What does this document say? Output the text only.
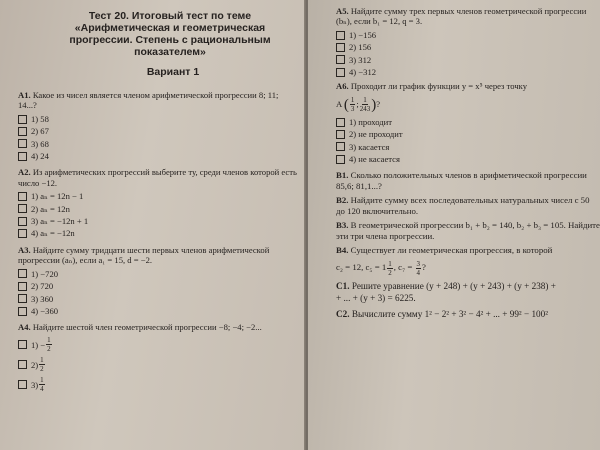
Тест 20. Итоговый тест по теме
«Арифметическая и геометрическая
прогрессии. Степень с рациональным
показателем»
Вариант 1
А1. Какое из чисел является членом арифметической прогрессии 8; 11; 14...?
1) 58
2) 67
3) 68
4) 24
А2. Из арифметических прогрессий выберите ту, среди членов которой есть число −12.
1) aₙ = 12n − 1
2) aₙ = 12n
3) aₙ = −12n + 1
4) aₙ = −12n
А3. Найдите сумму тридцати шести первых членов арифметической прогрессии (aₙ), если a₁ = 15, d = −2.
1) −720
2) 720
3) 360
4) −360
А4. Найдите шестой член геометрической прогрессии −8; −4; −2...
$1) - \frac{1}{2}$
$2) \frac{1}{2}$
$3) \frac{1}{4}$
А5. Найдите сумму трех первых членов геометрической прогрессии (bₙ), если b₁ = 12, q = 3.
1) −156
2) 156
3) 312
4) −312
А6. Проходит ли график функции y = x⁵ через точку
A ( $\frac{1}{3}$ ; $\frac{1}{243}$ )?
1) проходит
2) не проходит
3) касается
4) не касается
В1. Сколько положительных членов в арифметической прогрессии 85,6; 81,1...?
В2. Найдите сумму всех последовательных натуральных чисел с 50 до 120 включительно.
В3. В геометрической прогрессии b₁ + b₂ = 140, b₂ + b₃ = 105. Найдите эти три члена прогрессии.
В4. Существует ли геометрическая прогрессия, в которой
c₂ = 12, $c_5 = 1 \frac{1}{2}$ , $c_7 = \frac{3}{4}$ ?
С1. Решите уравнение (y + 248) + (y + 243) + (y + 238) +
+ ... + (y + 3) = 6225.
С2. Вычислите сумму 1² − 2² + 3² − 4² + ... + 99² − 100²
